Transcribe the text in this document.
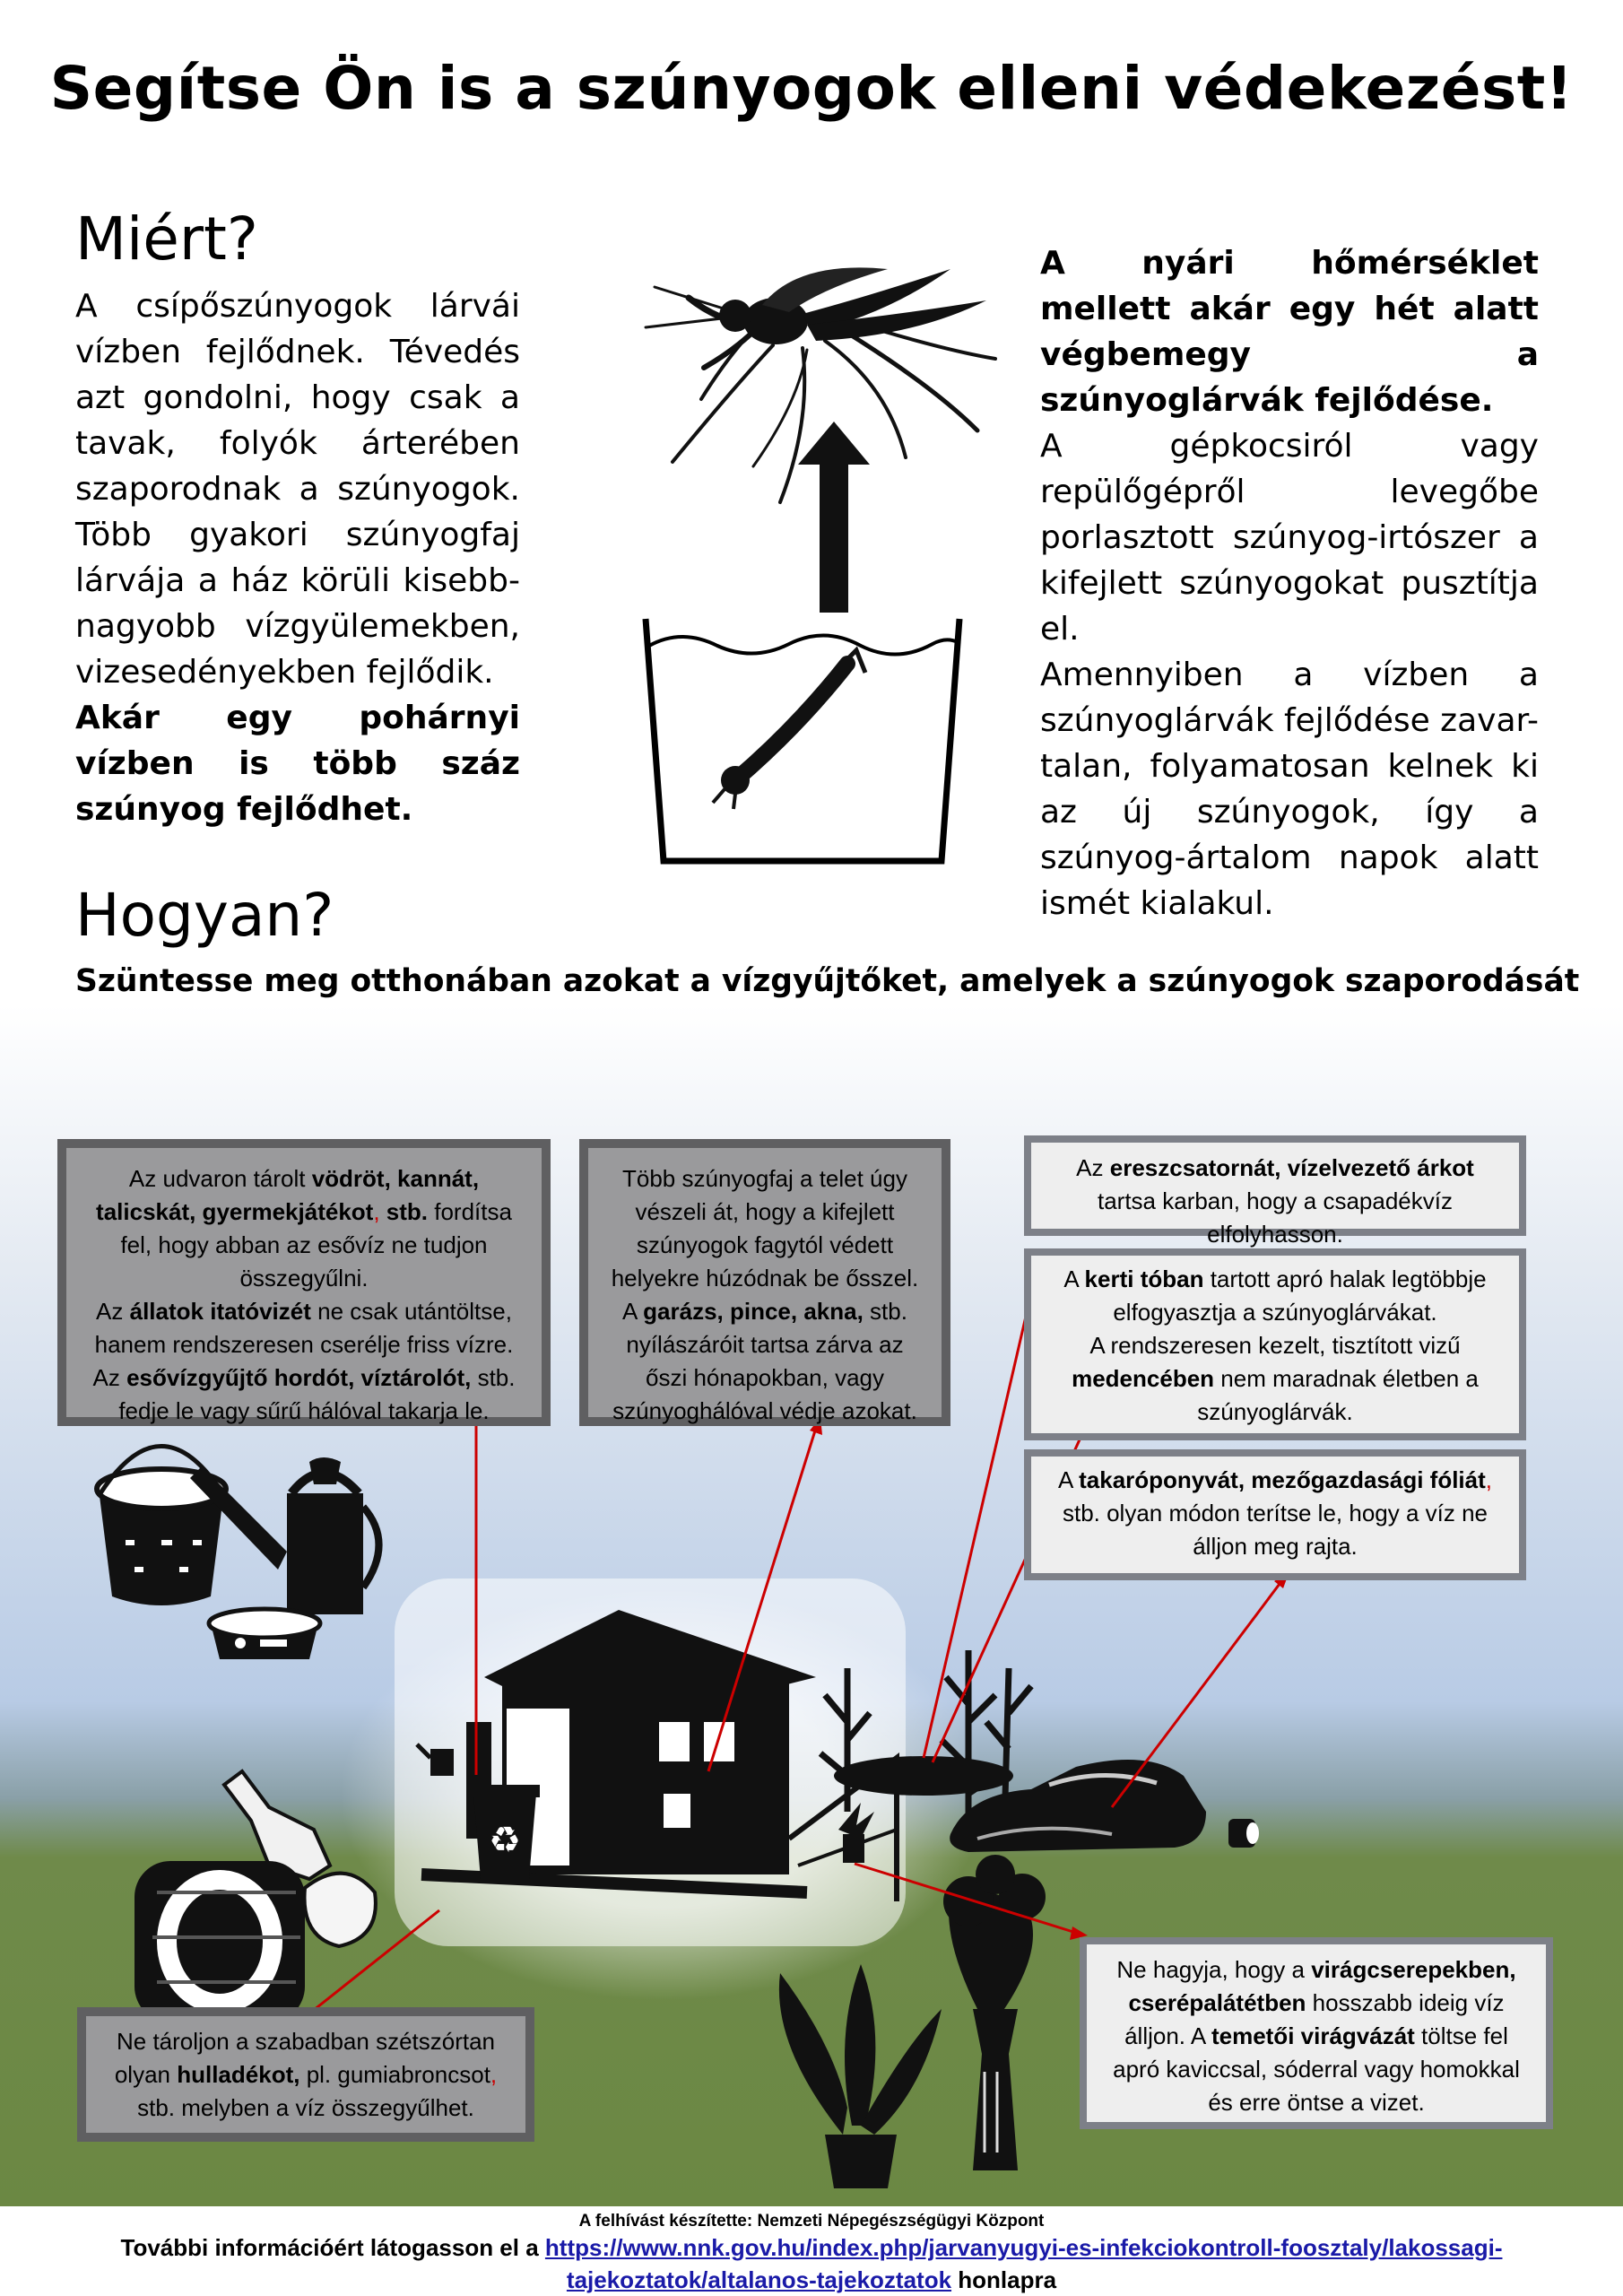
Segítse Ön is a szúnyogok elleni védekezést!
Miért?

A csípőszúnyogok lárvái vízben fejlődnek. Tévedés azt gondolni, hogy csak a tavak, folyók árterében szaporodnak a szúnyogok. Több gyakori szúnyogfaj lárvája a ház körüli kisebb-nagyobb vízgyülemekben, vizesedényekben fejlődik.

Akár egy pohárnyi vízben is több száz szúnyog fejlődhet.

A nyári hőmérséklet mellett akár egy hét alatt végbemegy a szúnyoglárvák fejlődése.

A gépkocsiról vagy repülőgépről levegőbe porlasztott szúnyog-irtószer a kifejlett szúnyogokat pusztítja el.

Amennyiben a vízben a szúnyoglárvák fejlődése zavar-talan, folyamatosan kelnek ki az új szúnyogok, így a szúnyog-ártalom napok alatt ismét kialakul.

Hogyan?

Szüntesse meg otthonában azokat a vízgyűjtőket, amelyek a szúnyogok szaporodását

♻

Az udvaron tárolt vödröt, kannát, talicskát, gyermekjátékot, stb. fordítsa fel, hogy abban az esővíz ne tudjon összegyűlni.

Az állatok itatóvizét ne csak utántöltse, hanem rendszeresen cserélje friss vízre.

Az esővízgyűjtő hordót, víztárolót, stb. fedje le vagy sűrű hálóval takarja le.

Több szúnyogfaj a telet úgy vészeli át, hogy a kifejlett szúnyogok fagytól védett helyekre húzódnak be ősszel. A garázs, pince, akna, stb. nyílászáróit tartsa zárva az őszi hónapokban, vagy szúnyoghálóval védje azokat.

Az ereszcsatornát, vízelvezető árkot tartsa karban, hogy a csapadékvíz elfolyhasson.

A kerti tóban tartott apró halak legtöbbje elfogyasztja a szúnyoglárvákat.

A rendszeresen kezelt, tisztított vizű medencében nem maradnak életben a szúnyoglárvák.

A takaróponyvát, mezőgazdasági fóliát, stb. olyan módon terítse le, hogy a víz ne álljon meg rajta.

Ne tároljon a szabadban szétszórtan olyan hulladékot, pl. gumiabroncsot, stb. melyben a víz összegyűlhet.

Ne hagyja, hogy a virágcserepekben, cserépalátétben hosszabb ideig víz álljon. A temetői virágvázát töltse fel apró kaviccsal, sóderral vagy homokkal és erre öntse a vizet.

A felhívást készítette: Nemzeti Népegészségügyi Központ
További információért látogasson el a https://www.nnk.gov.hu/index.php/jarvanyugyi-es-infekciokontroll-foosztaly/lakossagi-tajekoztatok/altalanos-tajekoztatok honlapra
